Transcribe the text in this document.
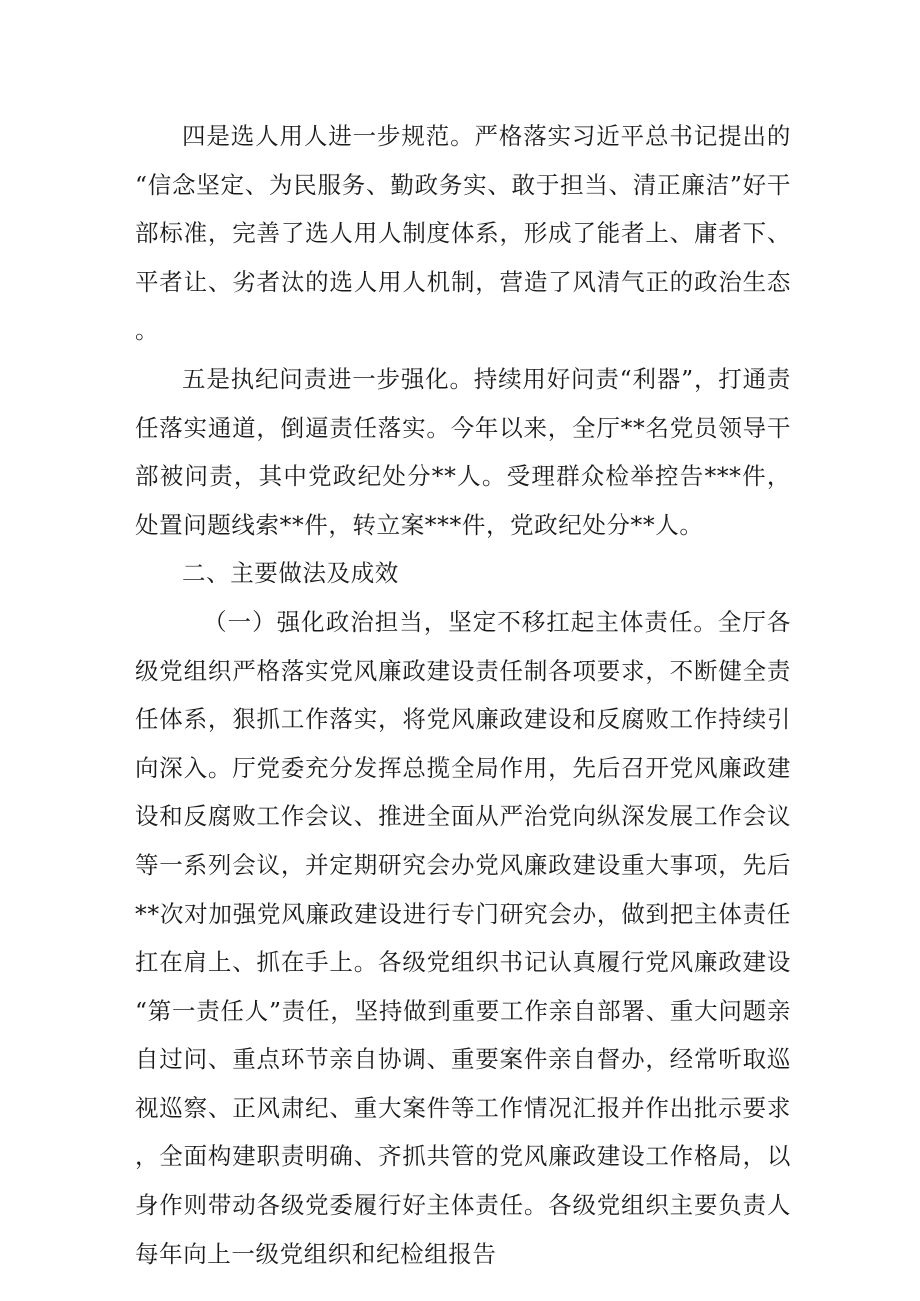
四是选人用人进一步规范。严格落实习近平总书记提出的“信念坚定、为民服务、勤政务实、敢于担当、清正廉洁”好干部标准，完善了选人用人制度体系，形成了能者上、庸者下、平者让、劣者汰的选人用人机制，营造了风清气正的政治生态。

五是执纪问责进一步强化。持续用好问责“利器”，打通责任落实通道，倒逼责任落实。今年以来，全厅**名党员领导干部被问责，其中党政纪处分**人。受理群众检举控告***件，处置问题线索**件，转立案***件，党政纪处分**人。

二、主要做法及成效

（一）强化政治担当，坚定不移扛起主体责任。全厅各级党组织严格落实党风廉政建设责任制各项要求，不断健全责任体系，狠抓工作落实，将党风廉政建设和反腐败工作持续引向深入。厅党委充分发挥总揽全局作用，先后召开党风廉政建设和反腐败工作会议、推进全面从严治党向纵深发展工作会议等一系列会议，并定期研究会办党风廉政建设重大事项，先后**次对加强党风廉政建设进行专门研究会办，做到把主体责任扛在肩上、抓在手上。各级党组织书记认真履行党风廉政建设“第一责任人”责任，坚持做到重要工作亲自部署、重大问题亲自过问、重点环节亲自协调、重要案件亲自督办，经常听取巡视巡察、正风肃纪、重大案件等工作情况汇报并作出批示要求，全面构建职责明确、齐抓共管的党风廉政建设工作格局，以身作则带动各级党委履行好主体责任。各级党组织主要负责人每年向上一级党组织和纪检组报告
